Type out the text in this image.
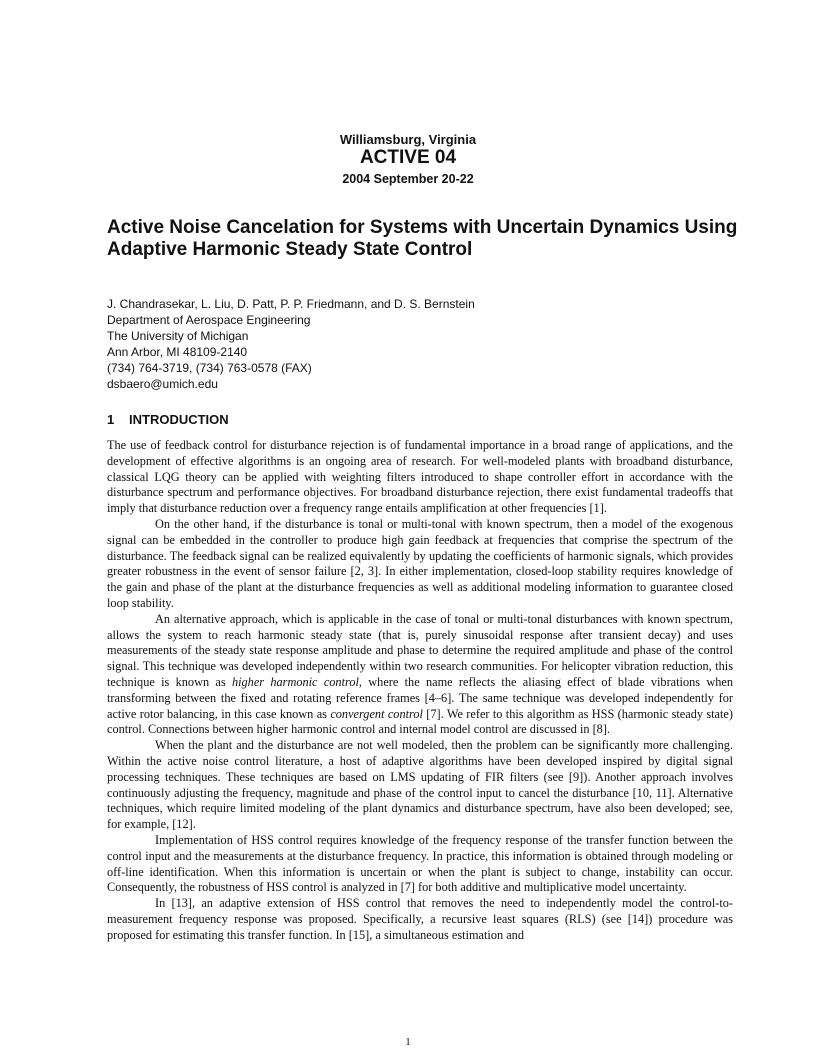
Williamsburg, Virginia
ACTIVE 04
2004 September 20-22
Active Noise Cancelation for Systems with Uncertain Dynamics Using
Adaptive Harmonic Steady State Control
J. Chandrasekar, L. Liu, D. Patt, P. P. Friedmann, and D. S. Bernstein
Department of Aerospace Engineering
The University of Michigan
Ann Arbor, MI 48109-2140
(734) 764-3719, (734) 763-0578 (FAX)
dsbaero@umich.edu
1 INTRODUCTION

The use of feedback control for disturbance rejection is of fundamental importance in a broad range of applications, and the development of effective algorithms is an ongoing area of research. For well-modeled plants with broadband disturbance, classical LQG theory can be applied with weighting filters introduced to shape controller effort in accordance with the disturbance spectrum and performance objectives. For broadband disturbance rejection, there exist fundamental tradeoffs that imply that disturbance reduction over a frequency range entails amplification at other frequencies [1].

On the other hand, if the disturbance is tonal or multi-tonal with known spectrum, then a model of the exogenous signal can be embedded in the controller to produce high gain feedback at frequencies that comprise the spectrum of the disturbance. The feedback signal can be realized equivalently by updating the coefficients of harmonic signals, which provides greater robustness in the event of sensor failure [2, 3]. In either implementation, closed-loop stability requires knowledge of the gain and phase of the plant at the disturbance frequencies as well as additional modeling information to guarantee closed loop stability.

An alternative approach, which is applicable in the case of tonal or multi-tonal disturbances with known spectrum, allows the system to reach harmonic steady state (that is, purely sinusoidal response after transient decay) and uses measurements of the steady state response amplitude and phase to determine the required amplitude and phase of the control signal. This technique was developed independently within two research communities. For helicopter vibration reduction, this technique is known as higher harmonic control, where the name reflects the aliasing effect of blade vibrations when transforming between the fixed and rotating reference frames [4–6]. The same technique was developed independently for active rotor balancing, in this case known as convergent control [7]. We refer to this algorithm as HSS (harmonic steady state) control. Connections between higher harmonic control and internal model control are discussed in [8].

When the plant and the disturbance are not well modeled, then the problem can be significantly more challenging. Within the active noise control literature, a host of adaptive algorithms have been developed inspired by digital signal processing techniques. These techniques are based on LMS updating of FIR filters (see [9]). Another approach involves continuously adjusting the frequency, magnitude and phase of the control input to cancel the disturbance [10, 11]. Alternative techniques, which require limited modeling of the plant dynamics and disturbance spectrum, have also been developed; see, for example, [12].

Implementation of HSS control requires knowledge of the frequency response of the transfer function between the control input and the measurements at the disturbance frequency. In practice, this information is obtained through modeling or off-line identification. When this information is uncertain or when the plant is subject to change, instability can occur. Consequently, the robustness of HSS control is analyzed in [7] for both additive and multiplicative model uncertainty.

In [13], an adaptive extension of HSS control that removes the need to independently model the control-to-measurement frequency response was proposed. Specifically, a recursive least squares (RLS) (see [14]) procedure was proposed for estimating this transfer function. In [15], a simultaneous estimation and

1
